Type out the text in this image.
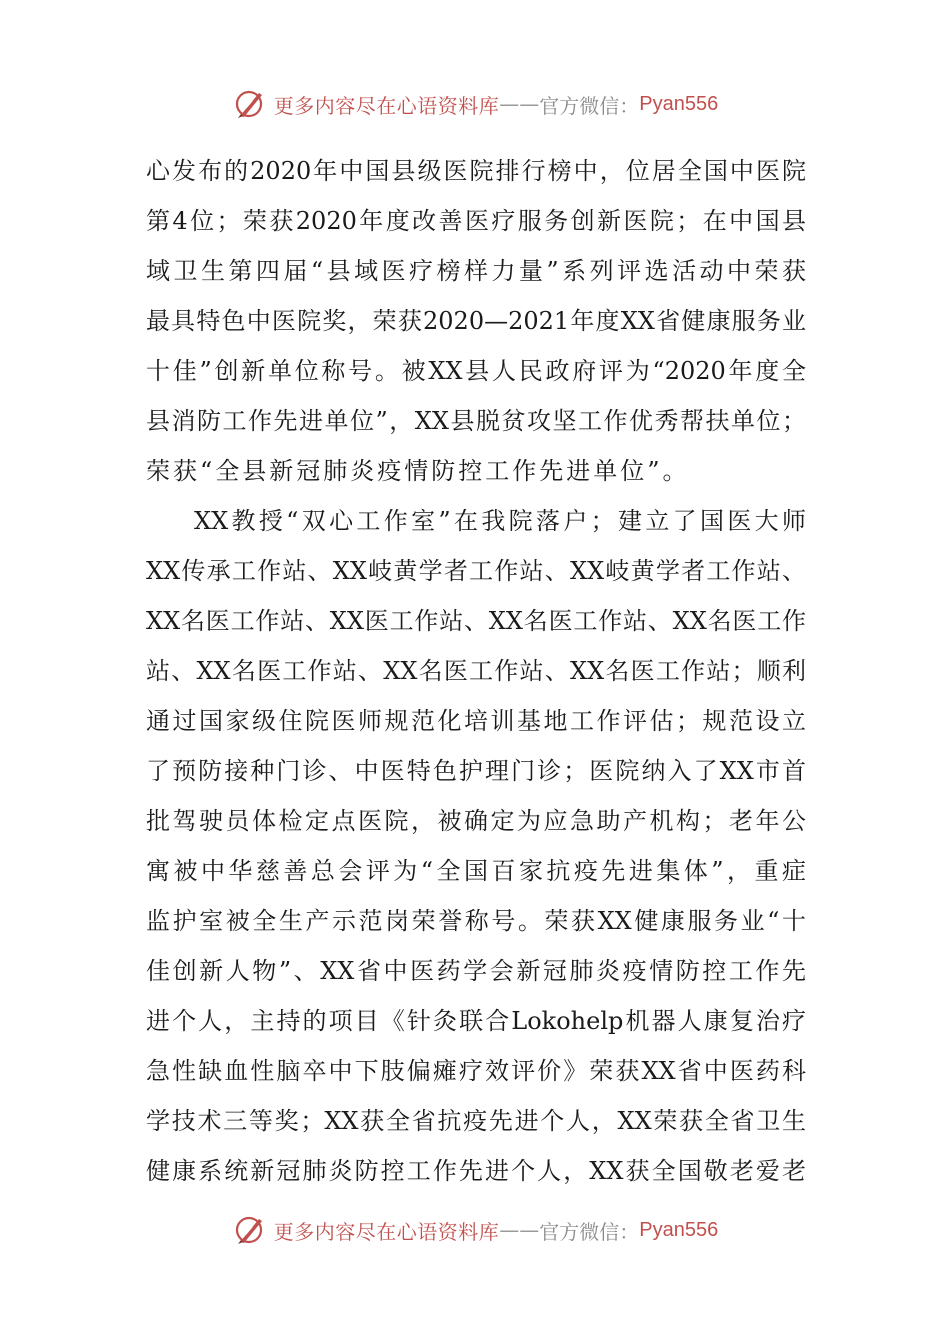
更多内容尽在心语资料库 —— 官方微信： Pyan556
心发布的2020年中国县级医院排行榜中，位居全国中医院
第4位；荣获2020年度改善医疗服务创新医院；在中国县
域卫生第四届“县域医疗榜样力量”系列评选活动中荣获
最具特色中医院奖，荣获2020—2021年度XX省健康服务业
十佳”创新单位称号。被XX县人民政府评为“2020年度全
县消防工作先进单位”，XX县脱贫攻坚工作优秀帮扶单位；
荣获“全县新冠肺炎疫情防控工作先进单位”。
XX教授“双心工作室”在我院落户；建立了国医大师
XX传承工作站、XX岐黄学者工作站、XX岐黄学者工作站、
XX名医工作站、XX医工作站、XX名医工作站、XX名医工作
站、XX名医工作站、XX名医工作站、XX名医工作站；顺利
通过国家级住院医师规范化培训基地工作评估；规范设立
了预防接种门诊、中医特色护理门诊；医院纳入了XX市首
批驾驶员体检定点医院，被确定为应急助产机构；老年公
寓被中华慈善总会评为“全国百家抗疫先进集体”，重症
监护室被全生产示范岗荣誉称号。荣获XX健康服务业“十
佳创新人物”、XX省中医药学会新冠肺炎疫情防控工作先
进个人，主持的项目《针灸联合Lokohelp机器人康复治疗
急性缺血性脑卒中下肢偏瘫疗效评价》荣获XX省中医药科
学技术三等奖；XX获全省抗疫先进个人，XX荣获全省卫生
健康系统新冠肺炎防控工作先进个人，XX获全国敬老爱老
更多内容尽在心语资料库 —— 官方微信： Pyan556
